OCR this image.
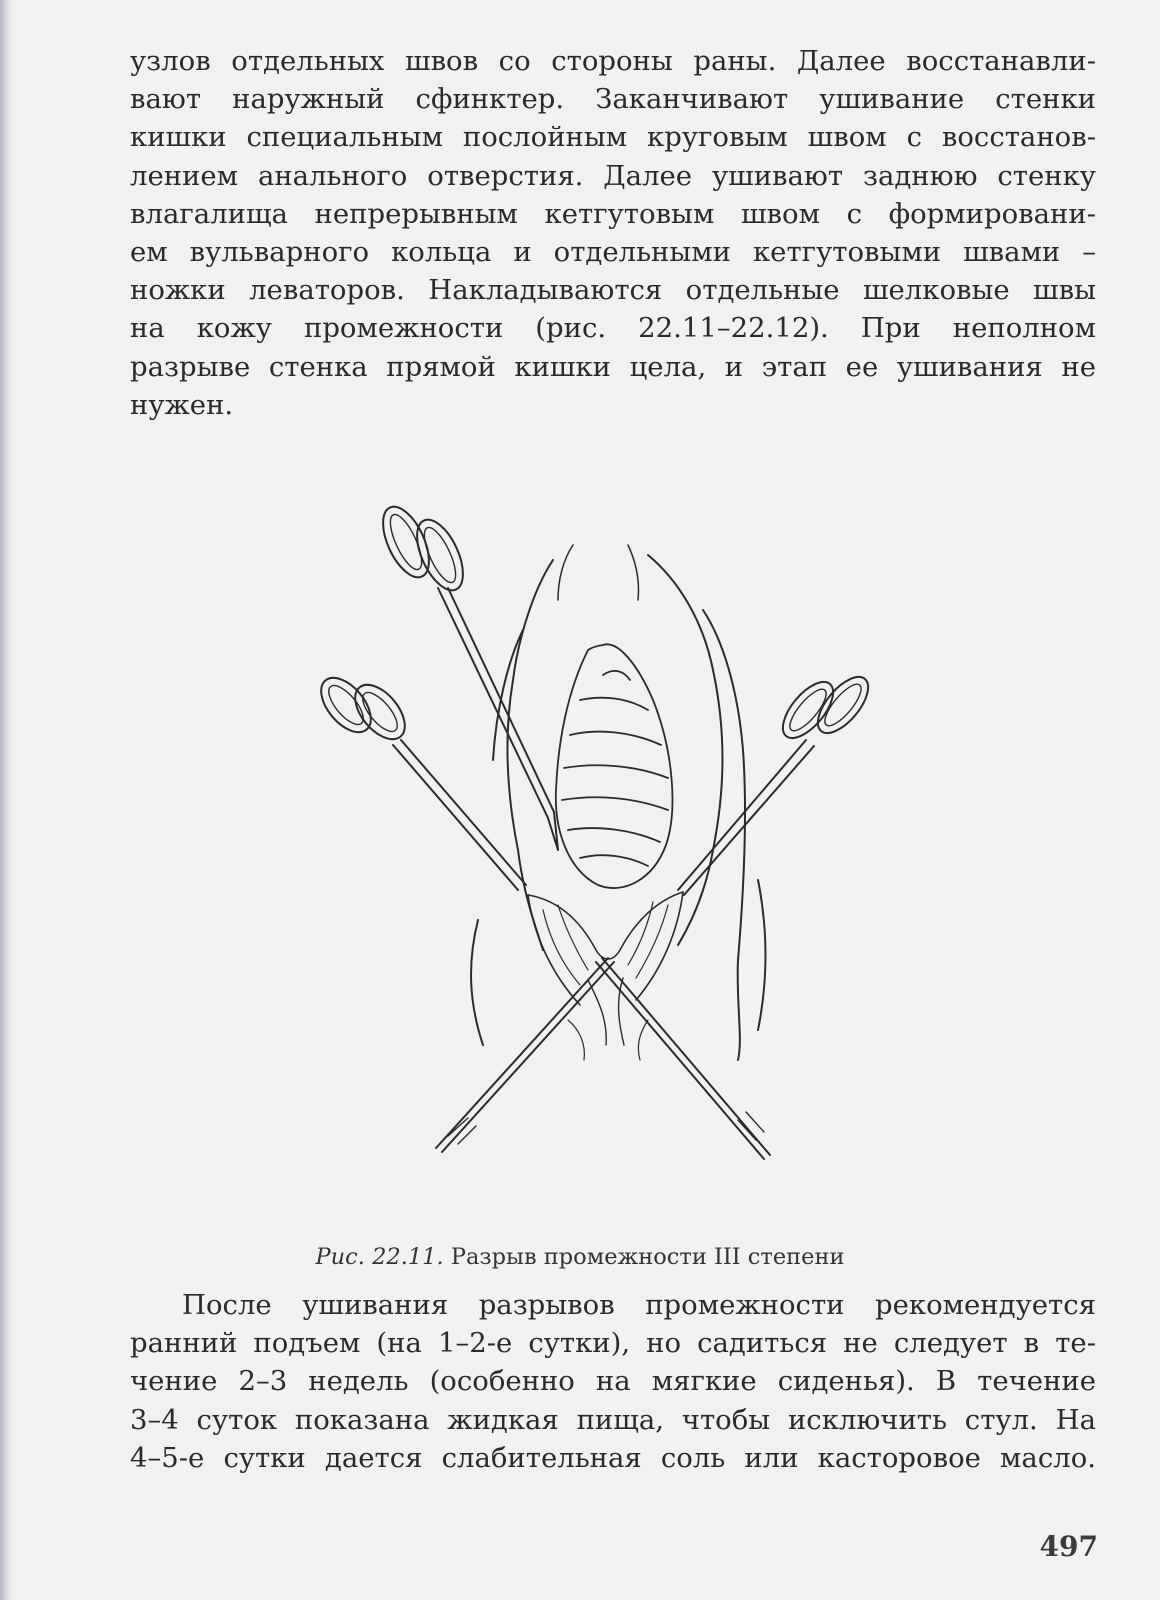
узлов отдельных швов со стороны раны. Далее восстанавли-
вают наружный сфинктер. Заканчивают ушивание стенки
кишки специальным послойным круговым швом с восстанов-
лением анального отверстия. Далее ушивают заднюю стенку
влагалища непрерывным кетгутовым швом с формировани-
ем вульварного кольца и отдельными кетгутовыми швами –
ножки леваторов. Накладываются отдельные шелковые швы
на кожу промежности (рис. 22.11–22.12). При неполном
разрыве стенка прямой кишки цела, и этап ее ушивания не
нужен.
Рис. 22.11. Разрыв промежности III степени
После ушивания разрывов промежности рекомендуется
ранний подъем (на 1–2-е сутки), но садиться не следует в те-
чение 2–3 недель (особенно на мягкие сиденья). В течение
3–4 суток показана жидкая пища, чтобы исключить стул. На
4–5-е сутки дается слабительная соль или касторовое масло.
497
